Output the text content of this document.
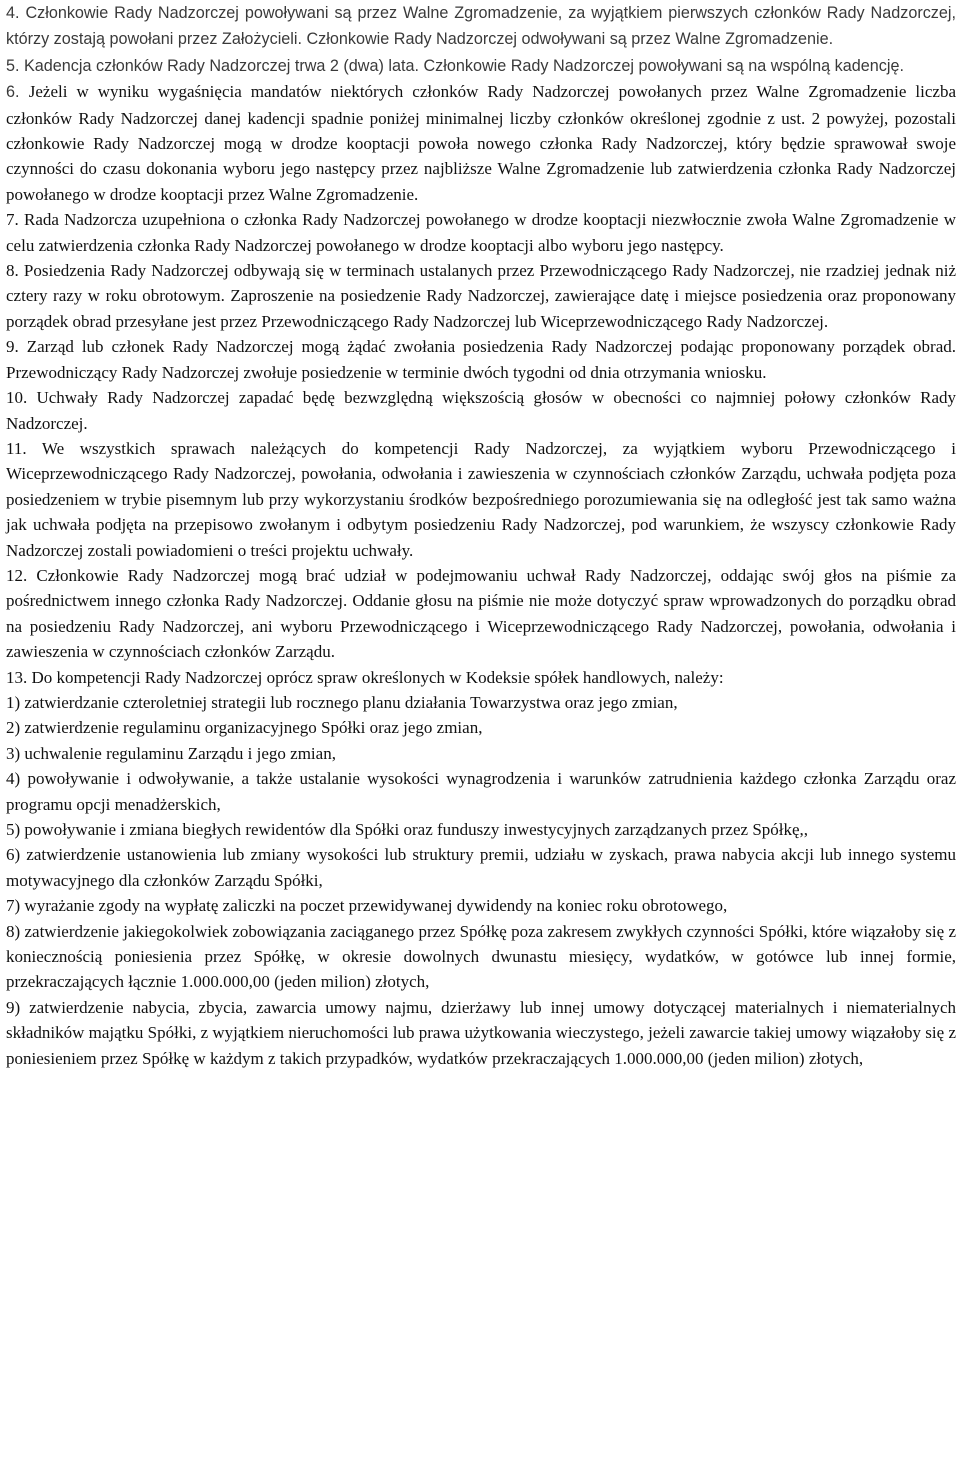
4. Członkowie Rady Nadzorczej powoływani są przez Walne Zgromadzenie, za wyjątkiem pierwszych członków Rady Nadzorczej, którzy zostają powołani przez Założycieli. Członkowie Rady Nadzorczej odwoływani są przez Walne Zgromadzenie.

5. Kadencja członków Rady Nadzorczej trwa 2 (dwa) lata. Członkowie Rady Nadzorczej powoływani są na wspólną kadencję.

6. Jeżeli w wyniku wygaśnięcia mandatów niektórych członków Rady Nadzorczej powołanych przez Walne Zgromadzenie liczba członków Rady Nadzorczej danej kadencji spadnie poniżej minimalnej liczby członków określonej zgodnie z ust. 2 powyżej, pozostali członkowie Rady Nadzorczej mogą w drodze kooptacji powoła nowego członka Rady Nadzorczej, który będzie sprawował swoje czynności do czasu dokonania wyboru jego następcy przez najbliższe Walne Zgromadzenie lub zatwierdzenia członka Rady Nadzorczej powołanego w drodze kooptacji przez Walne Zgromadzenie.

7. Rada Nadzorcza uzupełniona o członka Rady Nadzorczej powołanego w drodze kooptacji niezwłocznie zwoła Walne Zgromadzenie w celu zatwierdzenia członka Rady Nadzorczej powołanego w drodze kooptacji albo wyboru jego następcy.

8. Posiedzenia Rady Nadzorczej odbywają się w terminach ustalanych przez Przewodniczącego Rady Nadzorczej, nie rzadziej jednak niż cztery razy w roku obrotowym. Zaproszenie na posiedzenie Rady Nadzorczej, zawierające datę i miejsce posiedzenia oraz proponowany porządek obrad przesyłane jest przez Przewodniczącego Rady Nadzorczej lub Wiceprzewodniczącego Rady Nadzorczej.

9. Zarząd lub członek Rady Nadzorczej mogą żądać zwołania posiedzenia Rady Nadzorczej podając proponowany porządek obrad. Przewodniczący Rady Nadzorczej zwołuje posiedzenie w terminie dwóch tygodni od dnia otrzymania wniosku.

10. Uchwały Rady Nadzorczej zapadać będę bezwzględną większością głosów w obecności co najmniej połowy członków Rady Nadzorczej.

11. We wszystkich sprawach należących do kompetencji Rady Nadzorczej, za wyjątkiem wyboru Przewodniczącego i Wiceprzewodniczącego Rady Nadzorczej, powołania, odwołania i zawieszenia w czynnościach członków Zarządu, uchwała podjęta poza posiedzeniem w trybie pisemnym lub przy wykorzystaniu środków bezpośredniego porozumiewania się na odległość jest tak samo ważna jak uchwała podjęta na przepisowo zwołanym i odbytym posiedzeniu Rady Nadzorczej, pod warunkiem, że wszyscy członkowie Rady Nadzorczej zostali powiadomieni o treści projektu uchwały.

12. Członkowie Rady Nadzorczej mogą brać udział w podejmowaniu uchwał Rady Nadzorczej, oddając swój głos na piśmie za pośrednictwem innego członka Rady Nadzorczej. Oddanie głosu na piśmie nie może dotyczyć spraw wprowadzonych do porządku obrad na posiedzeniu Rady Nadzorczej, ani wyboru Przewodniczącego i Wiceprzewodniczącego Rady Nadzorczej, powołania, odwołania i zawieszenia w czynnościach członków Zarządu.

13. Do kompetencji Rady Nadzorczej oprócz spraw określonych w Kodeksie spółek handlowych, należy:

1) zatwierdzanie czteroletniej strategii lub rocznego planu działania Towarzystwa oraz jego zmian,

2) zatwierdzenie regulaminu organizacyjnego Spółki oraz jego zmian,

3) uchwalenie regulaminu Zarządu i jego zmian,

4) powoływanie i odwoływanie, a także ustalanie wysokości wynagrodzenia i warunków zatrudnienia każdego członka Zarządu oraz programu opcji menadżerskich,

5) powoływanie i zmiana biegłych rewidentów dla Spółki oraz funduszy inwestycyjnych zarządzanych przez Spółkę,,

6) zatwierdzenie ustanowienia lub zmiany wysokości lub struktury premii, udziału w zyskach, prawa nabycia akcji lub innego systemu motywacyjnego dla członków Zarządu Spółki,

7) wyrażanie zgody na wypłatę zaliczki na poczet przewidywanej dywidendy na koniec roku obrotowego,

8) zatwierdzenie jakiegokolwiek zobowiązania zaciąganego przez Spółkę poza zakresem zwykłych czynności Spółki, które wiązałoby się z koniecznością poniesienia przez Spółkę, w okresie dowolnych dwunastu miesięcy, wydatków, w gotówce lub innej formie, przekraczających łącznie 1.000.000,00 (jeden milion) złotych,

9) zatwierdzenie nabycia, zbycia, zawarcia umowy najmu, dzierżawy lub innej umowy dotyczącej materialnych i niematerialnych składników majątku Spółki, z wyjątkiem nieruchomości lub prawa użytkowania wieczystego, jeżeli zawarcie takiej umowy wiązałoby się z poniesieniem przez Spółkę w każdym z takich przypadków, wydatków przekraczających 1.000.000,00 (jeden milion) złotych,
